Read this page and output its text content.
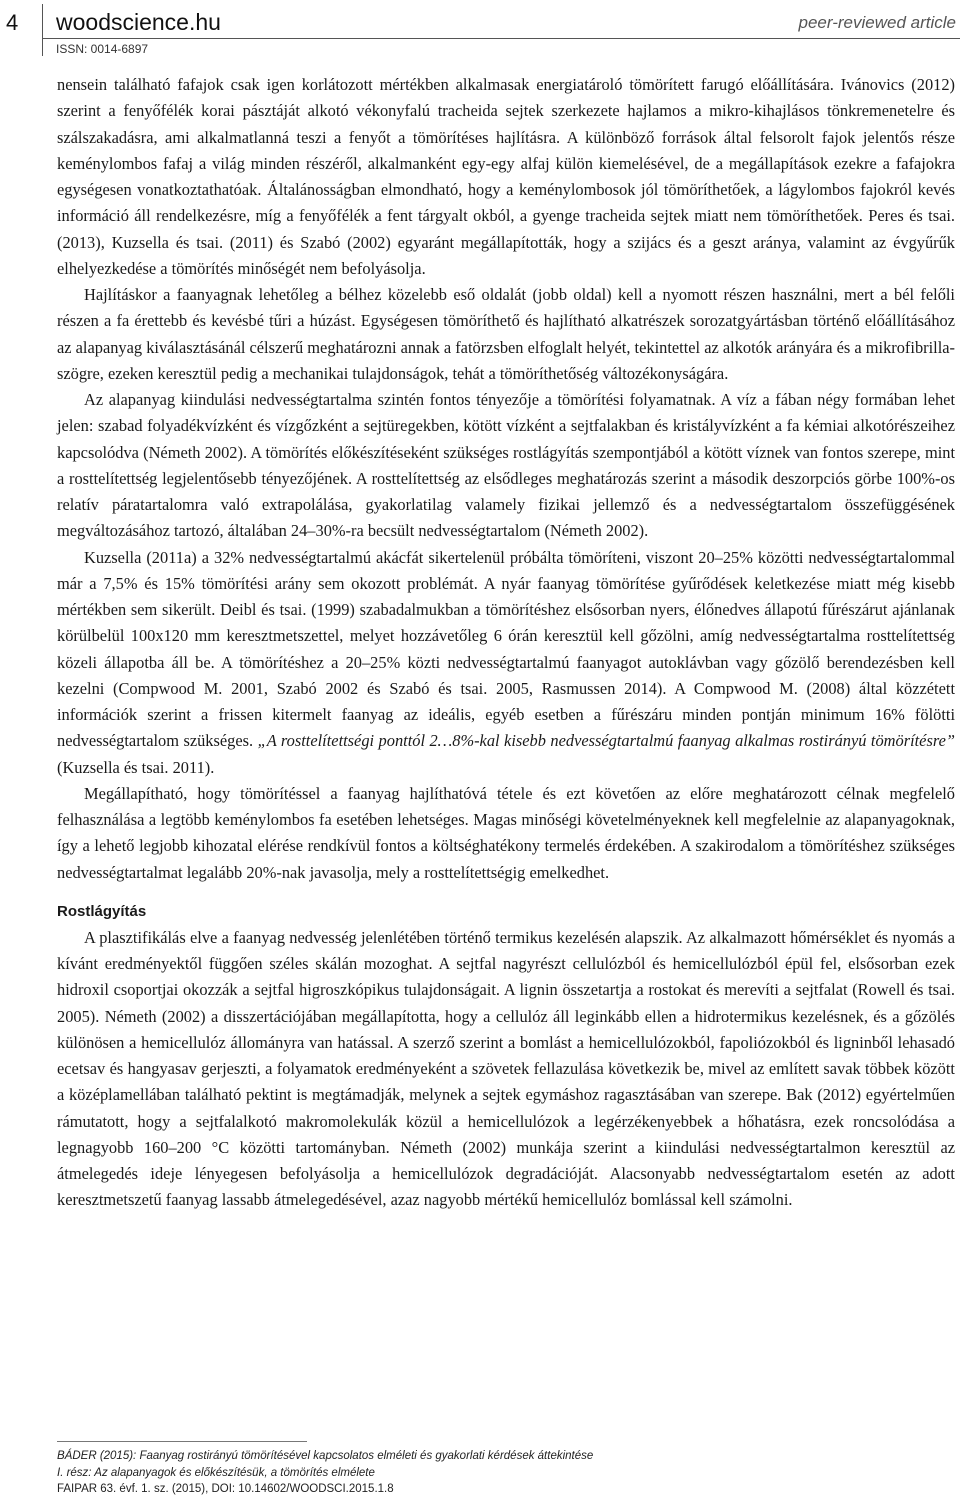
4 woodscience.hu
ISSN: 0014-6897
peer-reviewed article

nensein található fafajok csak igen korlátozott mértékben alkalmasak energiatároló tömörített farugó előállítására. Ivánovics (2012) szerint a fenyőfélék korai pásztáját alkotó vékonyfalú tracheida sejtek szerkezete hajlamos a mikro-kihajlásos tönkremenetelre és szálszakadásra, ami alkalmatlanná teszi a fenyőt a tömörítéses hajlításra. A különböző források által felsorolt fajok jelentős része keménylombos fafaj a világ minden részéről, alkalmanként egy-egy alfaj külön kiemelésével, de a megállapítások ezekre a fafajokra egységesen vonatkoztathatóak. Általánosságban elmondható, hogy a keménylombosok jól tömöríthetőek, a lágylombos fajokról kevés információ áll rendelkezésre, míg a fenyőfélék a fent tárgyalt okból, a gyenge tracheida sejtek miatt nem tömöríthetőek. Peres és tsai. (2013), Kuzsella és tsai. (2011) és Szabó (2002) egyaránt megállapították, hogy a szijács és a geszt aránya, valamint az évgyűrűk elhelyezkedése a tömörítés minőségét nem befolyásolja.

Hajlításkor a faanyagnak lehetőleg a bélhez közelebb eső oldalát (jobb oldal) kell a nyomott részen használni, mert a bél felőli részen a fa érettebb és kevésbé tűri a húzást. Egységesen tömöríthető és hajlítható alkatrészek sorozatgyártásban történő előállításához az alapanyag kiválasztásánál célszerű meghatározni annak a fatörzsben elfoglalt helyét, tekintettel az alkotók arányára és a mikrofibrilla-szögre, ezeken keresztül pedig a mechanikai tulajdonságok, tehát a tömöríthetőség változékonyságára.

Az alapanyag kiindulási nedvességtartalma szintén fontos tényezője a tömörítési folyamatnak. A víz a fában négy formában lehet jelen: szabad folyadékvízként és vízgőzként a sejtüregekben, kötött vízként a sejtfalakban és kristályvízként a fa kémiai alkotórészeihez kapcsolódva (Németh 2002). A tömörítés előkészítéseként szükséges rostlágyítás szempontjából a kötött víznek van fontos szerepe, mint a rosttelítettség legjelentősebb tényezőjének. A rosttelítettség az elsődleges meghatározás szerint a második deszorpciós görbe 100%-os relatív páratartalomra való extrapolálása, gyakorlatilag valamely fizikai jellemző és a nedvességtartalom összefüggésének megváltozásához tartozó, általában 24–30%-ra becsült nedvességtartalom (Németh 2002).

Kuzsella (2011a) a 32% nedvességtartalmú akácfát sikertelenül próbálta tömöríteni, viszont 20–25% közötti nedvességtartalommal már a 7,5% és 15% tömörítési arány sem okozott problémát. A nyár faanyag tömörítése gyűrődések keletkezése miatt még kisebb mértékben sem sikerült. Deibl és tsai. (1999) szabadalmukban a tömörítéshez elsősorban nyers, élőnedves állapotú fűrészárut ajánlanak körülbelül 100x120 mm keresztmetszettel, melyet hozzávetőleg 6 órán keresztül kell gőzölni, amíg nedvességtartalma rosttelítettség közeli állapotba áll be. A tömörítéshez a 20–25% közti nedvességtartalmú faanyagot autoklávban vagy gőzölő berendezésben kell kezelni (Compwood M. 2001, Szabó 2002 és Szabó és tsai. 2005, Rasmussen 2014). A Compwood M. (2008) által közzétett információk szerint a frissen kitermelt faanyag az ideális, egyéb esetben a fűrészáru minden pontján minimum 16% fölötti nedvességtartalom szükséges. „A rosttelítettségi ponttól 2…8%-kal kisebb nedvességtartalmú faanyag alkalmas rostirányú tömörítésre” (Kuzsella és tsai. 2011).

Megállapítható, hogy tömörítéssel a faanyag hajlíthatóvá tétele és ezt követően az előre meghatározott célnak megfelelő felhasználása a legtöbb keménylombos fa esetében lehetséges. Magas minőségi követelményeknek kell megfelelnie az alapanyagoknak, így a lehető legjobb kihozatal elérése rendkívül fontos a költséghatékony termelés érdekében. A szakirodalom a tömörítéshez szükséges nedvességtartalmat legalább 20%-nak javasolja, mely a rosttelítettségig emelkedhet.

Rostlágyítás

A plasztifikálás elve a faanyag nedvesség jelenlétében történő termikus kezelésén alapszik. Az alkalmazott hőmérséklet és nyomás a kívánt eredményektől függően széles skálán mozoghat. A sejtfal nagyrészt cellulózból és hemicellulózból épül fel, elsősorban ezek hidroxil csoportjai okozzák a sejtfal higroszkópikus tulajdonságait. A lignin összetartja a rostokat és merevíti a sejtfalat (Rowell és tsai. 2005). Németh (2002) a disszertációjában megállapította, hogy a cellulóz áll leginkább ellen a hidrotermikus kezelésnek, és a gőzölés különösen a hemicellulóz állományra van hatással. A szerző szerint a bomlást a hemicellulózokból, fapoliózokból és ligninből lehasadó ecetsav és hangyasav gerjeszti, a folyamatok eredményeként a szövetek fellazulása következik be, mivel az említett savak többek között a középlamellában található pektint is megtámadják, melynek a sejtek egymáshoz ragasztásában van szerepe. Bak (2012) egyértelműen rámutatott, hogy a sejtfalalkotó makromolekulák közül a hemicellulózok a legérzékenyebbek a hőhatásra, ezek roncsolódása a legnagyobb 160–200 °C közötti tartományban. Németh (2002) munkája szerint a kiindulási nedvességtartalmon keresztül az átmelegedés ideje lényegesen befolyásolja a hemicellulózok degradációját. Alacsonyabb nedvességtartalom esetén az adott keresztmetszetű faanyag lassabb átmelegedésével, azaz nagyobb mértékű hemicellulóz bomlással kell számolni.

BÁDER (2015): Faanyag rostirányú tömörítésével kapcsolatos elméleti és gyakorlati kérdések áttekintése
I. rész: Az alapanyagok és előkészítésük, a tömörítés elmélete
FAIPAR 63. évf. 1. sz. (2015), DOI: 10.14602/WOODSCI.2015.1.8
